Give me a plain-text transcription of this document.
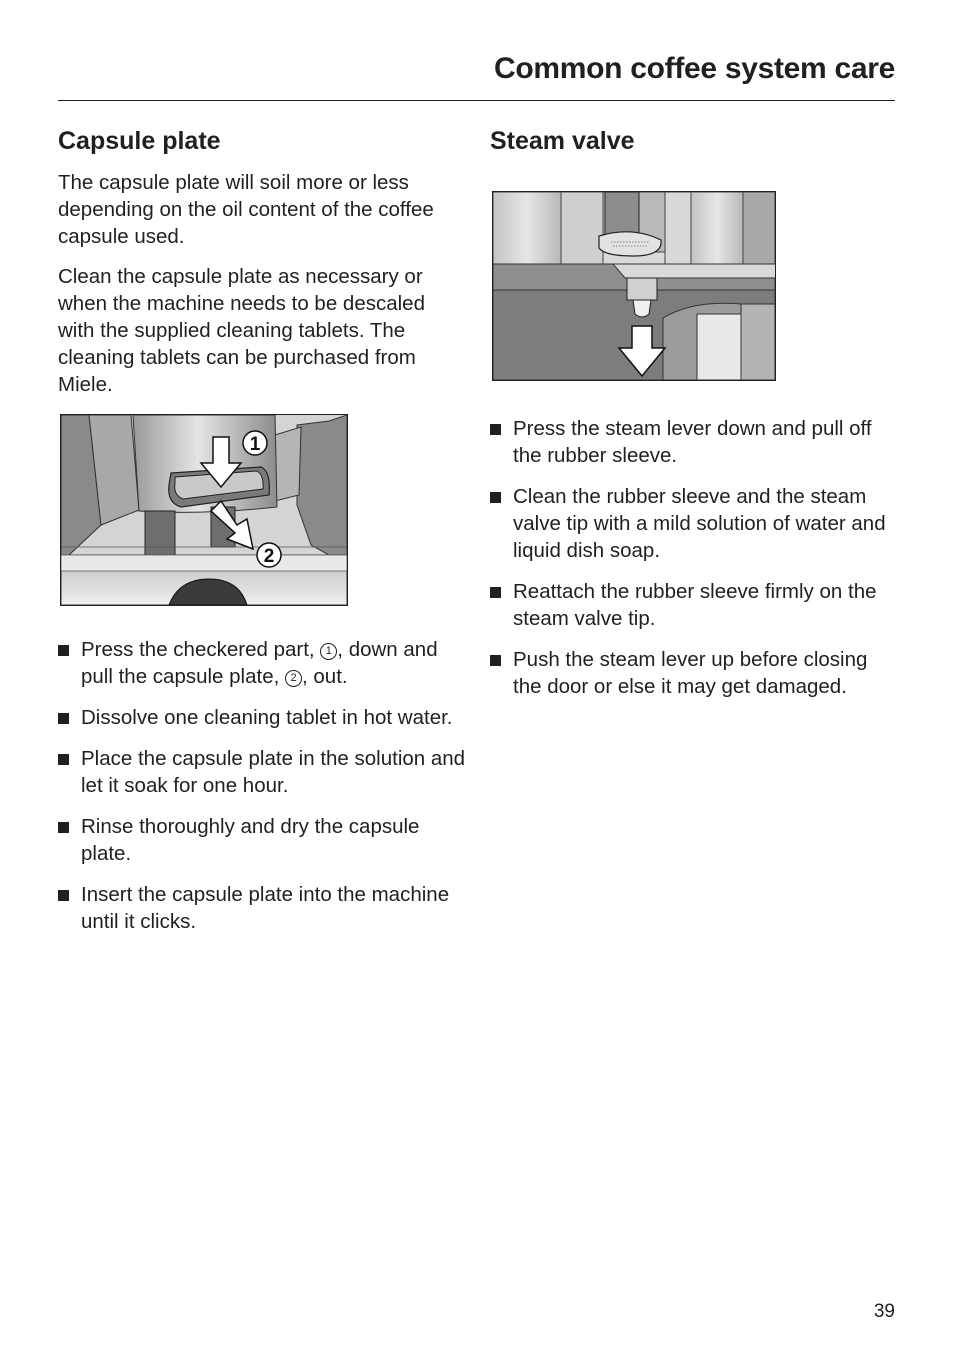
Common coffee system care
Capsule plate

The capsule plate will soil more or less depending on the oil content of the coffee capsule used.

Clean the capsule plate as necessary or when the machine needs to be descaled with the supplied cleaning tablets. The cleaning tablets can be purchased from Miele.

1
2
Press the checkered part, 1 , down and pull the capsule plate, 2 , out.
Dissolve one cleaning tablet in hot water.
Place the capsule plate in the solution and let it soak for one hour.
Rinse thoroughly and dry the capsule plate.
Insert the capsule plate into the machine until it clicks.
Steam valve
Press the steam lever down and pull off the rubber sleeve.
Clean the rubber sleeve and the steam valve tip with a mild solution of water and liquid dish soap.
Reattach the rubber sleeve firmly on the steam valve tip.
Push the steam lever up before closing the door or else it may get damaged.
39
